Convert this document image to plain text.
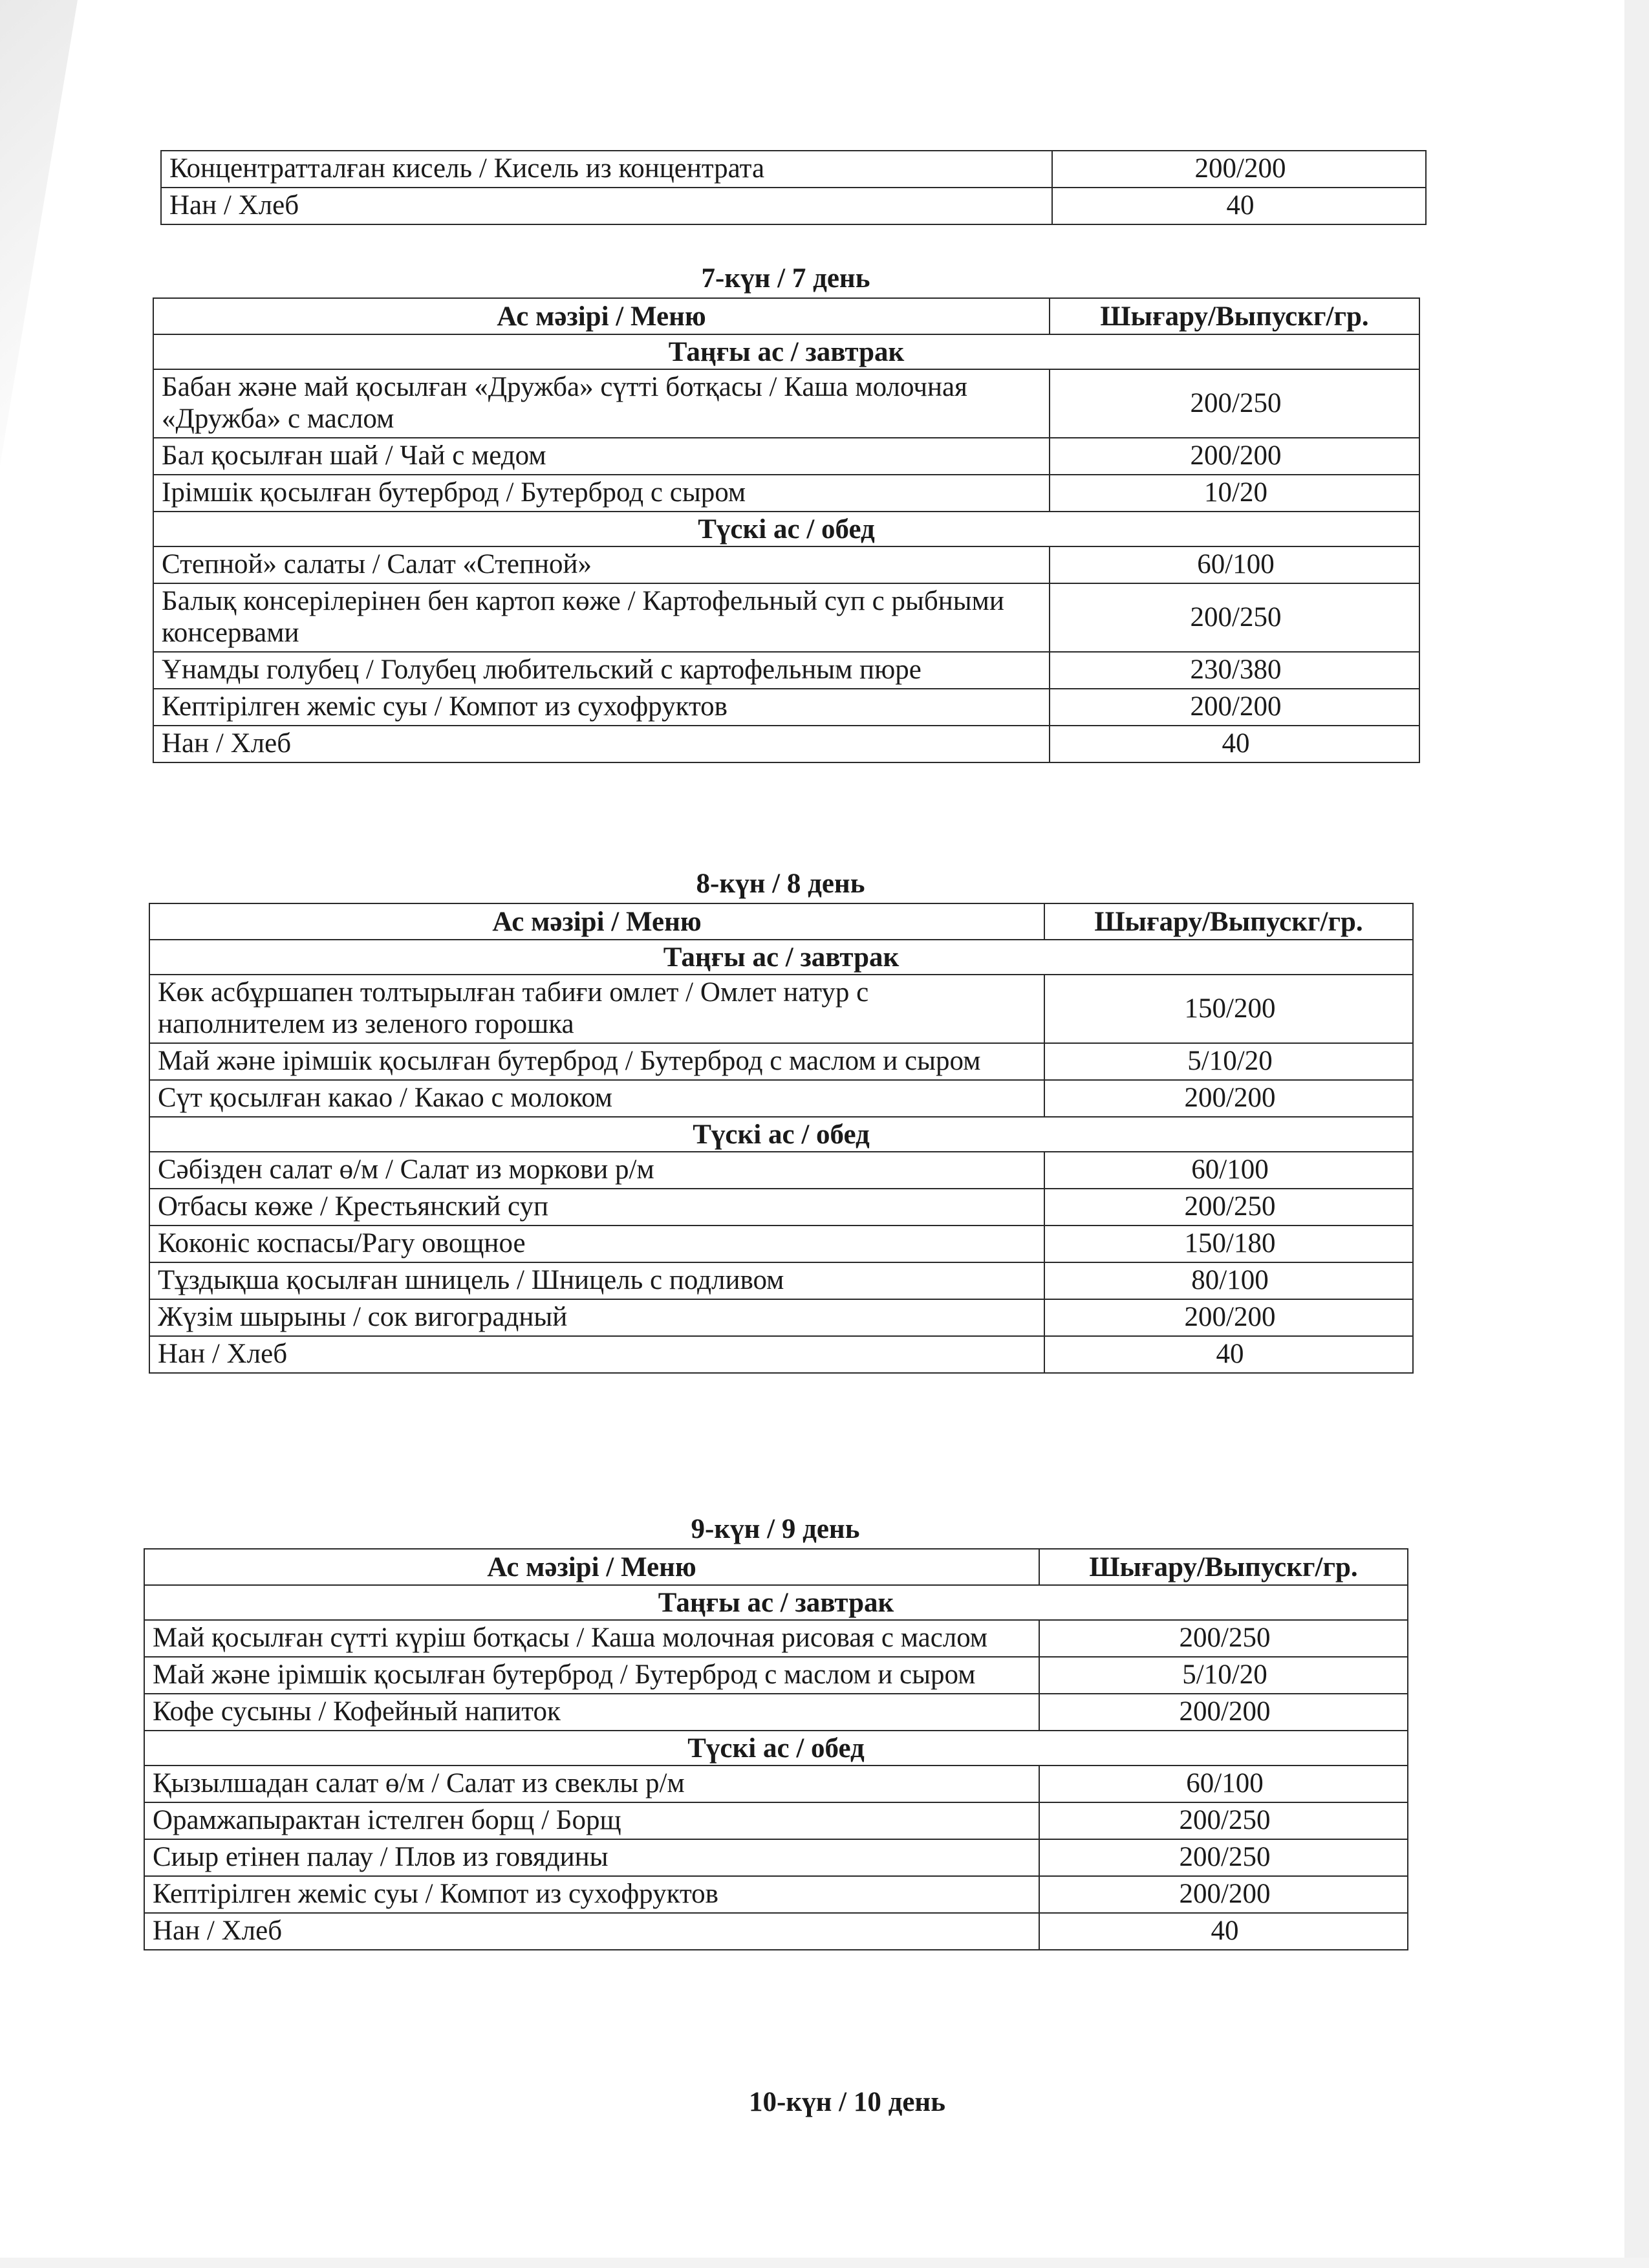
Концентратталған кисель / Кисель из концентрата	200/200
Нан / Хлеб	40
7-күн / 7 день
Ас мәзірі / Меню	Шығару/Выпускг/гр.
Таңғы ас / завтрак	
Бабан және май қосылған «Дружба» сүтті ботқасы / Каша молочная «Дружба» с маслом	200/250
Бал қосылған шай / Чай с медом	200/200
Ірімшік қосылған бутерброд / Бутерброд с сыром	10/20
Түскі ас / обед	
Степной» салаты / Салат «Степной»	60/100
Балық консерілерінен бен картоп көже / Картофельный суп с рыбными консервами	200/250
Ұнамды голубец / Голубец любительский с картофельным пюре	230/380
Кептірілген жеміс суы / Компот из сухофруктов	200/200
Нан / Хлеб	40
8-күн / 8 день
Ас мәзірі / Меню	Шығару/Выпускг/гр.
Таңғы ас / завтрак	
Көк асбұршапен толтырылған табиғи омлет / Омлет натур с наполнителем из зеленого горошка	150/200
Май және ірімшік қосылған бутерброд / Бутерброд с маслом и сыром	5/10/20
Сүт қосылған какао / Какао с молоком	200/200
Түскі ас / обед	
Сәбізден салат ө/м / Салат из моркови р/м	60/100
Отбасы көже / Крестьянский суп	200/250
Коконіс коспасы/Рагу овощное	150/180
Тұздықша қосылған шницель / Шницель с подливом	80/100
Жүзім шырыны / сок вигоградный	200/200
Нан / Хлеб	40
9-күн / 9 день
Ас мәзірі / Меню	Шығару/Выпускг/гр.
Таңғы ас / завтрак	
Май қосылған сүтті күріш ботқасы / Каша молочная рисовая с маслом	200/250
Май және ірімшік қосылған бутерброд / Бутерброд с маслом и сыром	5/10/20
Кофе сусыны / Кофейный напиток	200/200
Түскі ас / обед	
Қызылшадан салат ө/м / Салат из свеклы р/м	60/100
Орамжапырактан істелген борщ / Борщ	200/250
Сиыр етінен палау / Плов из говядины	200/250
Кептірілген жеміс суы / Компот из сухофруктов	200/200
Нан / Хлеб	40
10-күн / 10 день
